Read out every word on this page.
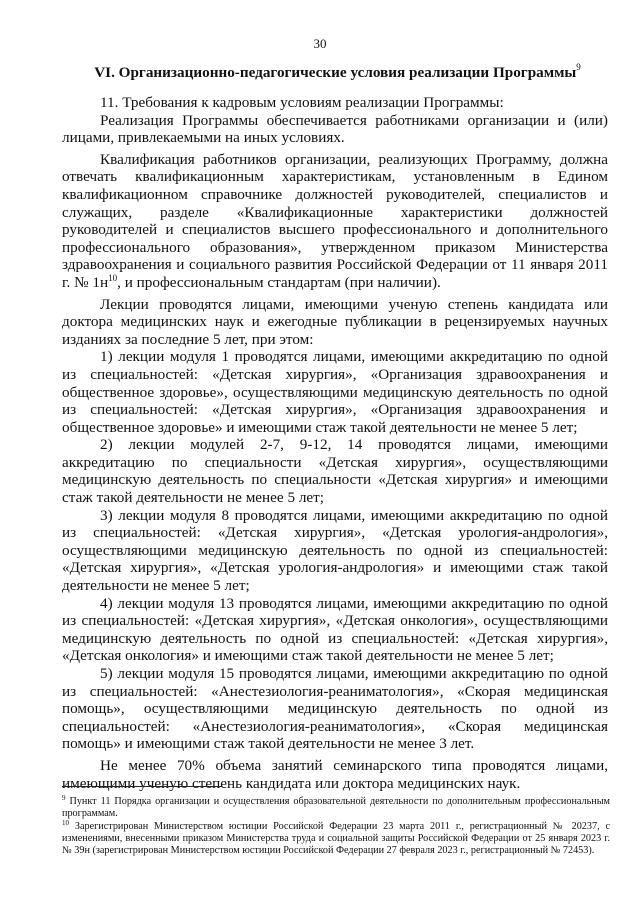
30
VI. Организационно-педагогические условия реализации Программы$^9$

11. Требования к кадровым условиям реализации Программы:

Реализация Программы обеспечивается работниками организации и (или) лицами, привлекаемыми на иных условиях.

Квалификация работников организации, реализующих Программу, должна отвечать квалификационным характеристикам, установленным в Едином квалификационном справочнике должностей руководителей, специалистов и служащих, разделе «Квалификационные характеристики должностей руководителей и специалистов высшего профессионального и дополнительного профессионального образования», утвержденном приказом Министерства здравоохранения и социального развития Российской Федерации от 11 января 2011 г. № $1н^{10}$, и профессиональным стандартам (при наличии).

Лекции проводятся лицами, имеющими ученую степень кандидата или доктора медицинских наук и ежегодные публикации в рецензируемых научных изданиях за последние 5 лет, при этом:

1) лекции модуля 1 проводятся лицами, имеющими аккредитацию по одной из специальностей: «Детская хирургия», «Организация здравоохранения и общественное здоровье», осуществляющими медицинскую деятельность по одной из специальностей: «Детская хирургия», «Организация здравоохранения и общественное здоровье» и имеющими стаж такой деятельности не менее 5 лет;

2) лекции модулей 2-7, 9-12, 14 проводятся лицами, имеющими аккредитацию по специальности «Детская хирургия», осуществляющими медицинскую деятельность по специальности «Детская хирургия» и имеющими стаж такой деятельности не менее 5 лет;

3) лекции модуля 8 проводятся лицами, имеющими аккредитацию по одной из специальностей: «Детская хирургия», «Детская урология-андрология», осуществляющими медицинскую деятельность по одной из специальностей: «Детская хирургия», «Детская урология-андрология» и имеющими стаж такой деятельности не менее 5 лет;

4) лекции модуля 13 проводятся лицами, имеющими аккредитацию по одной из специальностей: «Детская хирургия», «Детская онкология», осуществляющими медицинскую деятельность по одной из специальностей: «Детская хирургия», «Детская онкология» и имеющими стаж такой деятельности не менее 5 лет;

5) лекции модуля 15 проводятся лицами, имеющими аккредитацию по одной из специальностей: «Анестезиология-реаниматология», «Скорая медицинская помощь», осуществляющими медицинскую деятельность по одной из специальностей: «Анестезиология-реаниматология», «Скорая медицинская помощь» и имеющими стаж такой деятельности не менее 3 лет.

Не менее 70% объема занятий семинарского типа проводятся лицами, имеющими ученую степень кандидата или доктора медицинских наук.

$^9$ Пункт 11 Порядка организации и осуществления образовательной деятельности по дополнительным профессиональным программам.

$^{10}$ Зарегистрирован Министерством юстиции Российской Федерации 23 марта 2011 г., регистрационный № 20237, с изменениями, внесенными приказом Министерства труда и социальной защиты Российской Федерации от 25 января 2023 г. № 39н (зарегистрирован Министерством юстиции Российской Федерации 27 февраля 2023 г., регистрационный № 72453).
